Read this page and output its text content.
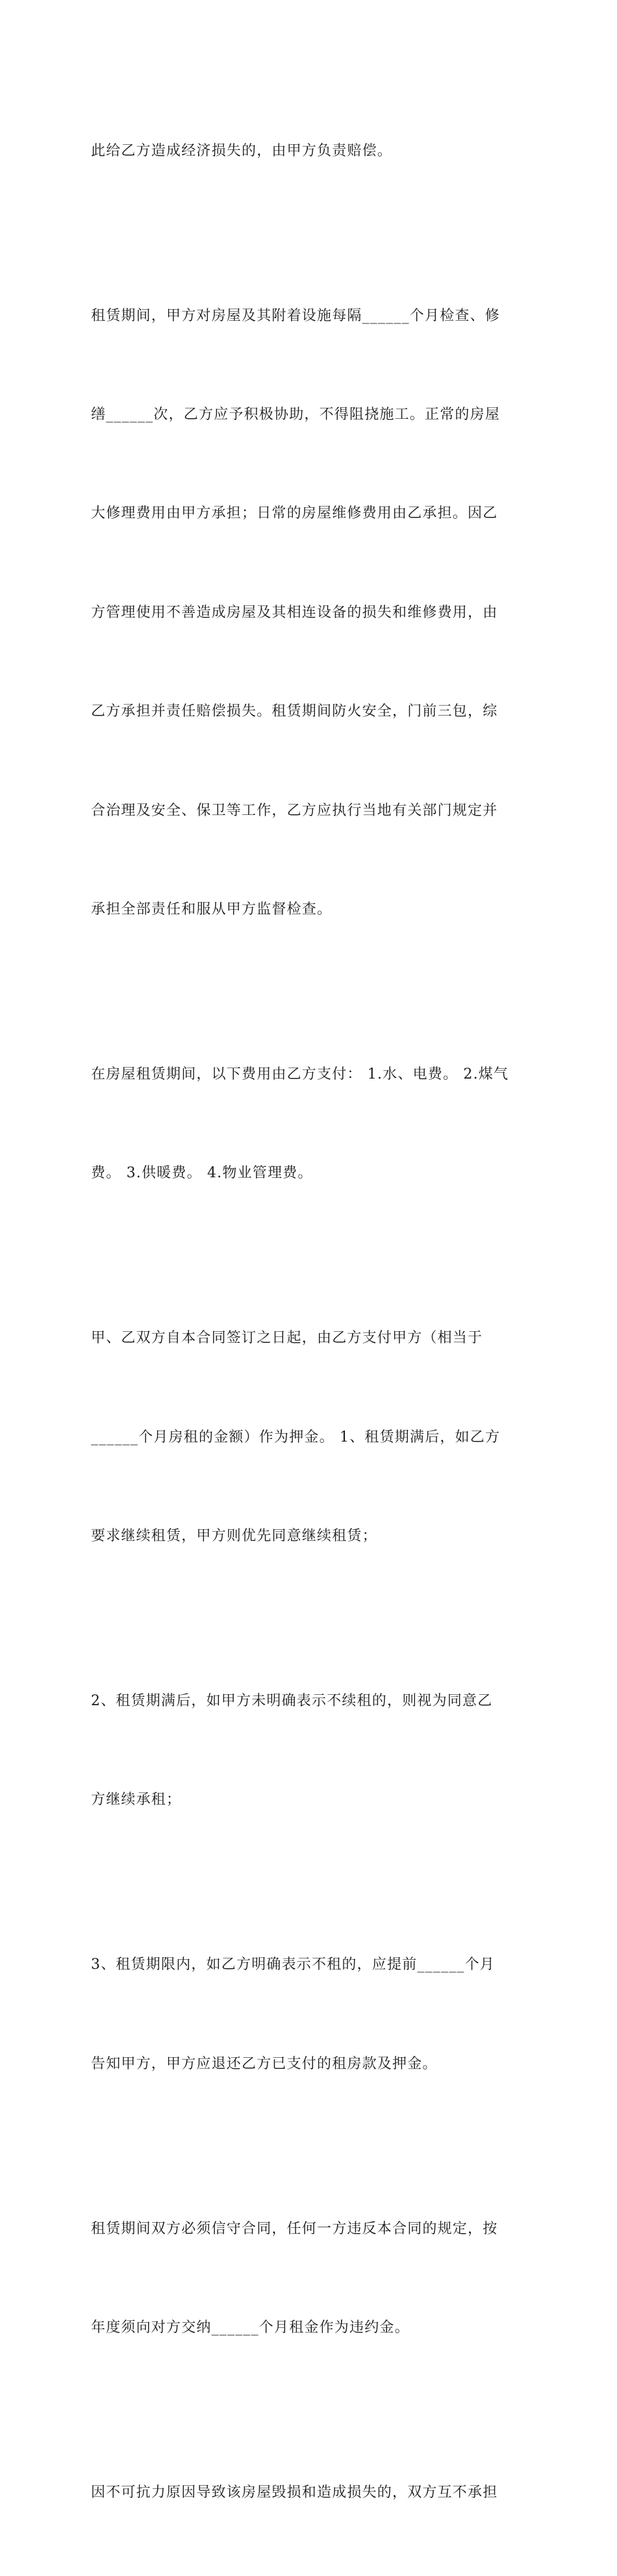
此给乙方造成经济损失的，由甲方负责赔偿。

租赁期间，甲方对房屋及其附着设施每隔______个月检查、修

缮______次，乙方应予积极协助，不得阻挠施工。正常的房屋

大修理费用由甲方承担；日常的房屋维修费用由乙承担。因乙

方管理使用不善造成房屋及其相连设备的损失和维修费用，由

乙方承担并责任赔偿损失。租赁期间防火安全，门前三包，综

合治理及安全、保卫等工作，乙方应执行当地有关部门规定并

承担全部责任和服从甲方监督检查。

在房屋租赁期间，以下费用由乙方支付： 1.水、电费。 2.煤气

费。 3.供暖费。 4.物业管理费。

甲、乙双方自本合同签订之日起，由乙方支付甲方（相当于

______个月房租的金额）作为押金。 1、租赁期满后，如乙方

要求继续租赁，甲方则优先同意继续租赁；

2、租赁期满后，如甲方未明确表示不续租的，则视为同意乙

方继续承租；

3、租赁期限内，如乙方明确表示不租的，应提前______个月

告知甲方，甲方应退还乙方已支付的租房款及押金。

租赁期间双方必须信守合同，任何一方违反本合同的规定，按

年度须向对方交纳______个月租金作为违约金。

因不可抗力原因导致该房屋毁损和造成损失的，双方互不承担
